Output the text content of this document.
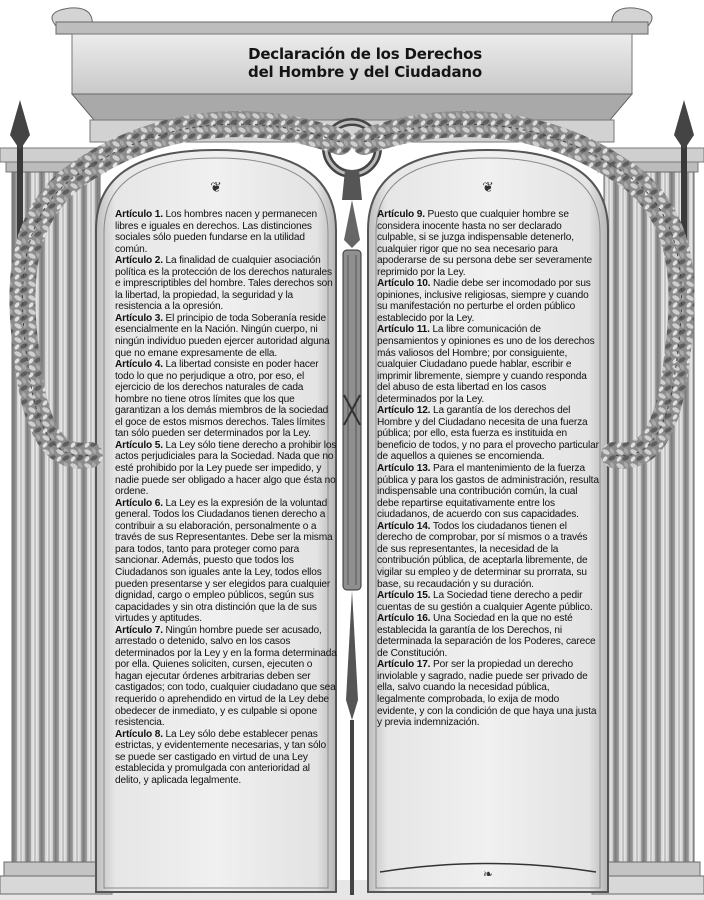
❦	❦
❧
Declaración de los Derechos
del Hombre y del Ciudadano

Artículo 1. Los hombres nacen y permanecen libres e iguales en derechos. Las distinciones sociales sólo pueden fundarse en la utilidad común.

Artículo 2. La finalidad de cualquier asociación política es la protección de los derechos naturales e imprescriptibles del hombre. Tales derechos son la libertad, la propiedad, la seguridad y la resistencia a la opresión.

Artículo 3. El principio de toda Soberanía reside esencialmente en la Nación. Ningún cuerpo, ni ningún individuo pueden ejercer autoridad alguna que no emane expresamente de ella.

Artículo 4. La libertad consiste en poder hacer todo lo que no perjudique a otro, por eso, el ejercicio de los derechos naturales de cada hombre no tiene otros límites que los que garantizan a los demás miembros de la sociedad el goce de estos mismos derechos. Tales límites tan sólo pueden ser determinados por la Ley.

Artículo 5. La Ley sólo tiene derecho a prohibir los actos perjudiciales para la Sociedad. Nada que no esté prohibido por la Ley puede ser impedido, y nadie puede ser obligado a hacer algo que ésta no ordene.

Artículo 6. La Ley es la expresión de la voluntad general. Todos los Ciudadanos tienen derecho a contribuir a su elaboración, personalmente o a través de sus Representantes. Debe ser la misma para todos, tanto para proteger como para sancionar. Además, puesto que todos los Ciudadanos son iguales ante la Ley, todos ellos pueden presentarse y ser elegidos para cualquier dignidad, cargo o empleo públicos, según sus capacidades y sin otra distinción que la de sus virtudes y aptitudes.

Artículo 7. Ningún hombre puede ser acusado, arrestado o detenido, salvo en los casos determinados por la Ley y en la forma determinada por ella. Quienes soliciten, cursen, ejecuten o hagan ejecutar órdenes arbitrarias deben ser castigados; con todo, cualquier ciudadano que sea requerido o aprehendido en virtud de la Ley debe obedecer de inmediato, y es culpable si opone resistencia.

Artículo 8. La Ley sólo debe establecer penas estrictas, y evidentemente necesarias, y tan sólo se puede ser castigado en virtud de una Ley establecida y promulgada con anterioridad al delito, y aplicada legalmente.

Artículo 9. Puesto que cualquier hombre se considera inocente hasta no ser declarado culpable, si se juzga indispensable detenerlo, cualquier rigor que no sea necesario para apoderarse de su persona debe ser severamente reprimido por la Ley.

Artículo 10. Nadie debe ser incomodado por sus opiniones, inclusive religiosas, siempre y cuando su manifestación no perturbe el orden público establecido por la Ley.

Artículo 11. La libre comunicación de pensamientos y opiniones es uno de los derechos más valiosos del Hombre; por consiguiente, cualquier Ciudadano puede hablar, escribir e imprimir libremente, siempre y cuando responda del abuso de esta libertad en los casos determinados por la Ley.

Artículo 12. La garantía de los derechos del Hombre y del Ciudadano necesita de una fuerza pública; por ello, esta fuerza es instituida en beneficio de todos, y no para el provecho particular de aquellos a quienes se encomienda.

Artículo 13. Para el mantenimiento de la fuerza pública y para los gastos de administración, resulta indispensable una contribución común, la cual debe repartirse equitativamente entre los ciudadanos, de acuerdo con sus capacidades.

Artículo 14. Todos los ciudadanos tienen el derecho de comprobar, por sí mismos o a través de sus representantes, la necesidad de la contribución pública, de aceptarla libremente, de vigilar su empleo y de determinar su prorrata, su base, su recaudación y su duración.

Artículo 15. La Sociedad tiene derecho a pedir cuentas de su gestión a cualquier Agente público.

Artículo 16. Una Sociedad en la que no esté establecida la garantía de los Derechos, ni determinada la separación de los Poderes, carece de Constitución.

Artículo 17. Por ser la propiedad un derecho inviolable y sagrado, nadie puede ser privado de ella, salvo cuando la necesidad pública, legalmente comprobada, lo exija de modo evidente, y con la condición de que haya una justa y previa indemnización.
